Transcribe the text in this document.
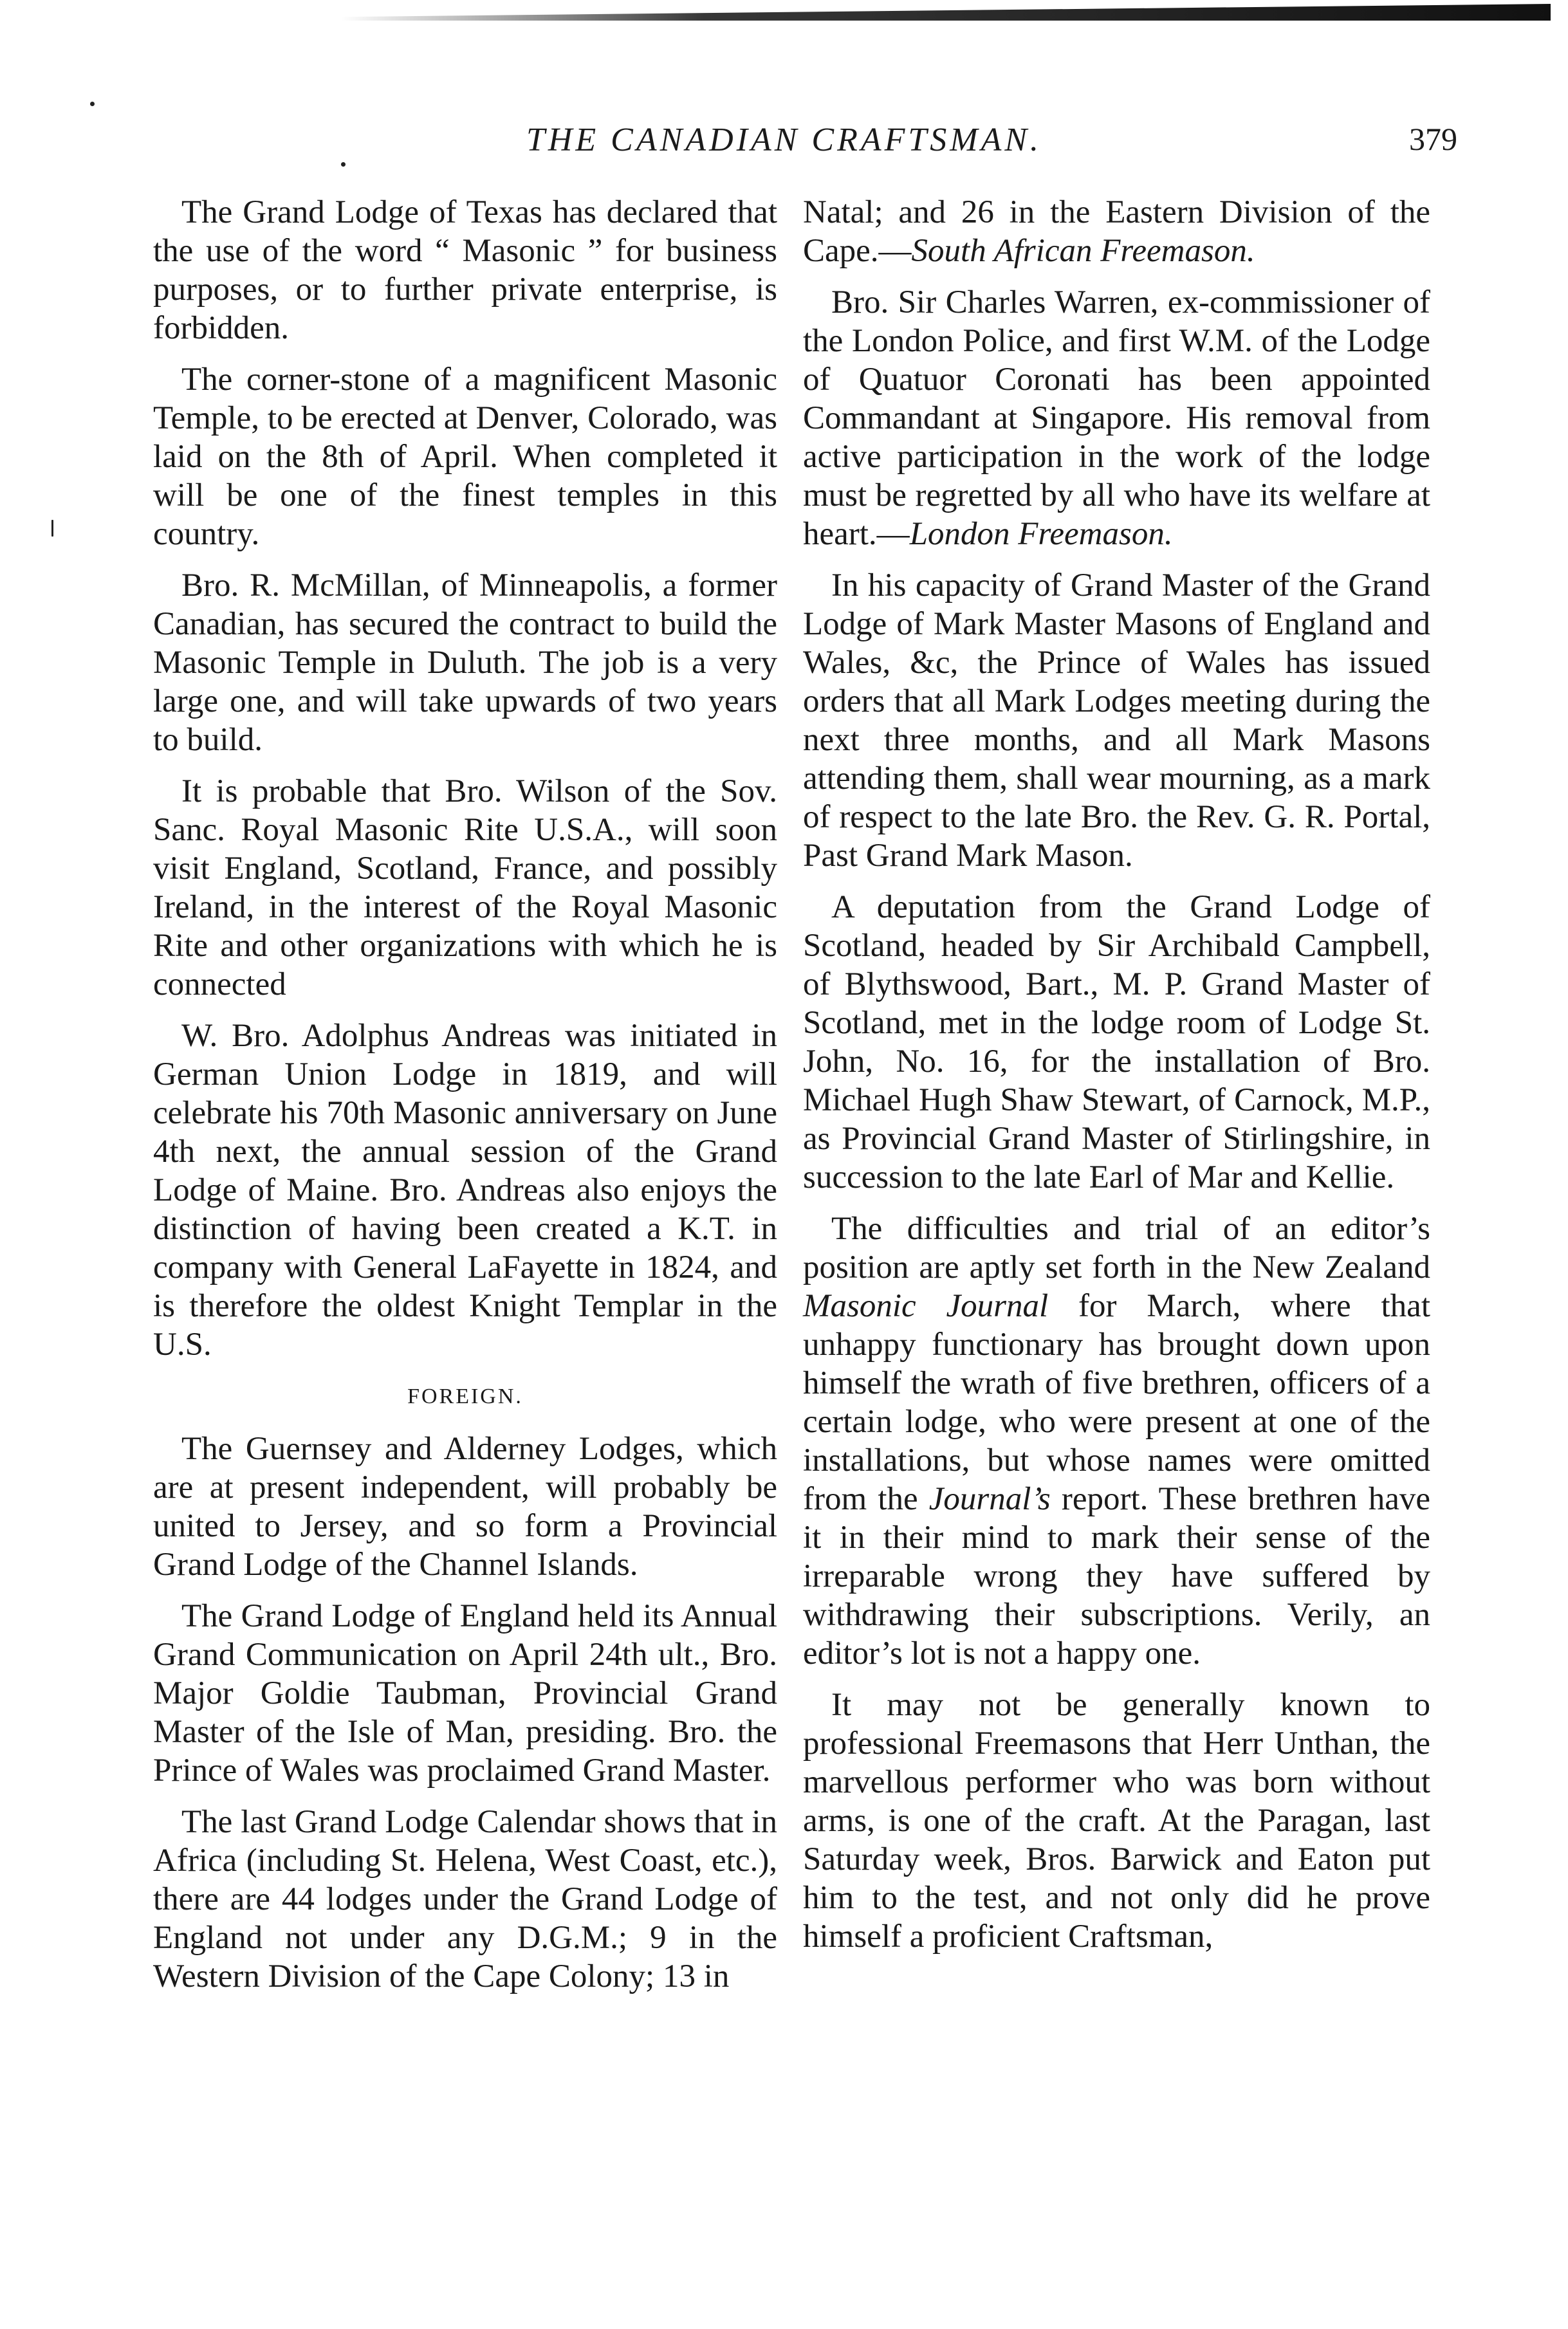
THE CANADIAN CRAFTSMAN.	379

The Grand Lodge of Texas has declared that the use of the word “ Masonic ” for business purposes, or to further private enterprise, is forbidden.

The corner-stone of a magnificent Masonic Temple, to be erected at Denver, Colorado, was laid on the 8th of April. When completed it will be one of the finest temples in this country.

Bro. R. McMillan, of Minneapolis, a former Canadian, has secured the contract to build the Masonic Temple in Duluth. The job is a very large one, and will take upwards of two years to build.

It is probable that Bro. Wilson of the Sov. Sanc. Royal Masonic Rite U.S.A., will soon visit England, Scotland, France, and possibly Ireland, in the interest of the Royal Masonic Rite and other organizations with which he is connected

W. Bro. Adolphus Andreas was initiated in German Union Lodge in 1819, and will celebrate his 70th Masonic anniversary on June 4th next, the annual session of the Grand Lodge of Maine. Bro. Andreas also enjoys the distinction of having been created a K.T. in company with General LaFayette in 1824, and is therefore the oldest Knight Templar in the U.S.

FOREIGN.

The Guernsey and Alderney Lodges, which are at present independent, will probably be united to Jersey, and so form a Provincial Grand Lodge of the Channel Islands.

The Grand Lodge of England held its Annual Grand Communication on April 24th ult., Bro. Major Goldie Taubman, Provincial Grand Master of the Isle of Man, presiding. Bro. the Prince of Wales was proclaimed Grand Master.

The last Grand Lodge Calendar shows that in Africa (including St. Helena, West Coast, etc.), there are 44 lodges under the Grand Lodge of England not under any D.G.M.; 9 in the Western Division of the Cape Colony; 13 in

Natal; and 26 in the Eastern Division of the Cape.—South African Freemason.

Bro. Sir Charles Warren, ex-commissioner of the London Police, and first W.M. of the Lodge of Quatuor Coronati has been appointed Commandant at Singapore. His removal from active participation in the work of the lodge must be regretted by all who have its welfare at heart.—London Freemason.

In his capacity of Grand Master of the Grand Lodge of Mark Master Masons of England and Wales, &c, the Prince of Wales has issued orders that all Mark Lodges meeting during the next three months, and all Mark Masons attending them, shall wear mourning, as a mark of respect to the late Bro. the Rev. G. R. Portal, Past Grand Mark Mason.

A deputation from the Grand Lodge of Scotland, headed by Sir Archibald Campbell, of Blythswood, Bart., M. P. Grand Master of Scotland, met in the lodge room of Lodge St. John, No. 16, for the installation of Bro. Michael Hugh Shaw Stewart, of Carnock, M.P., as Provincial Grand Master of Stirlingshire, in succession to the late Earl of Mar and Kellie.

The difficulties and trial of an editor’s position are aptly set forth in the New Zealand Masonic Journal for March, where that unhappy functionary has brought down upon himself the wrath of five brethren, officers of a certain lodge, who were present at one of the installations, but whose names were omitted from the Journal’s report. These brethren have it in their mind to mark their sense of the irreparable wrong they have suffered by withdrawing their subscriptions. Verily, an editor’s lot is not a happy one.

It may not be generally known to professional Freemasons that Herr Unthan, the marvellous performer who was born without arms, is one of the craft. At the Paragan, last Saturday week, Bros. Barwick and Eaton put him to the test, and not only did he prove himself a proficient Craftsman,
